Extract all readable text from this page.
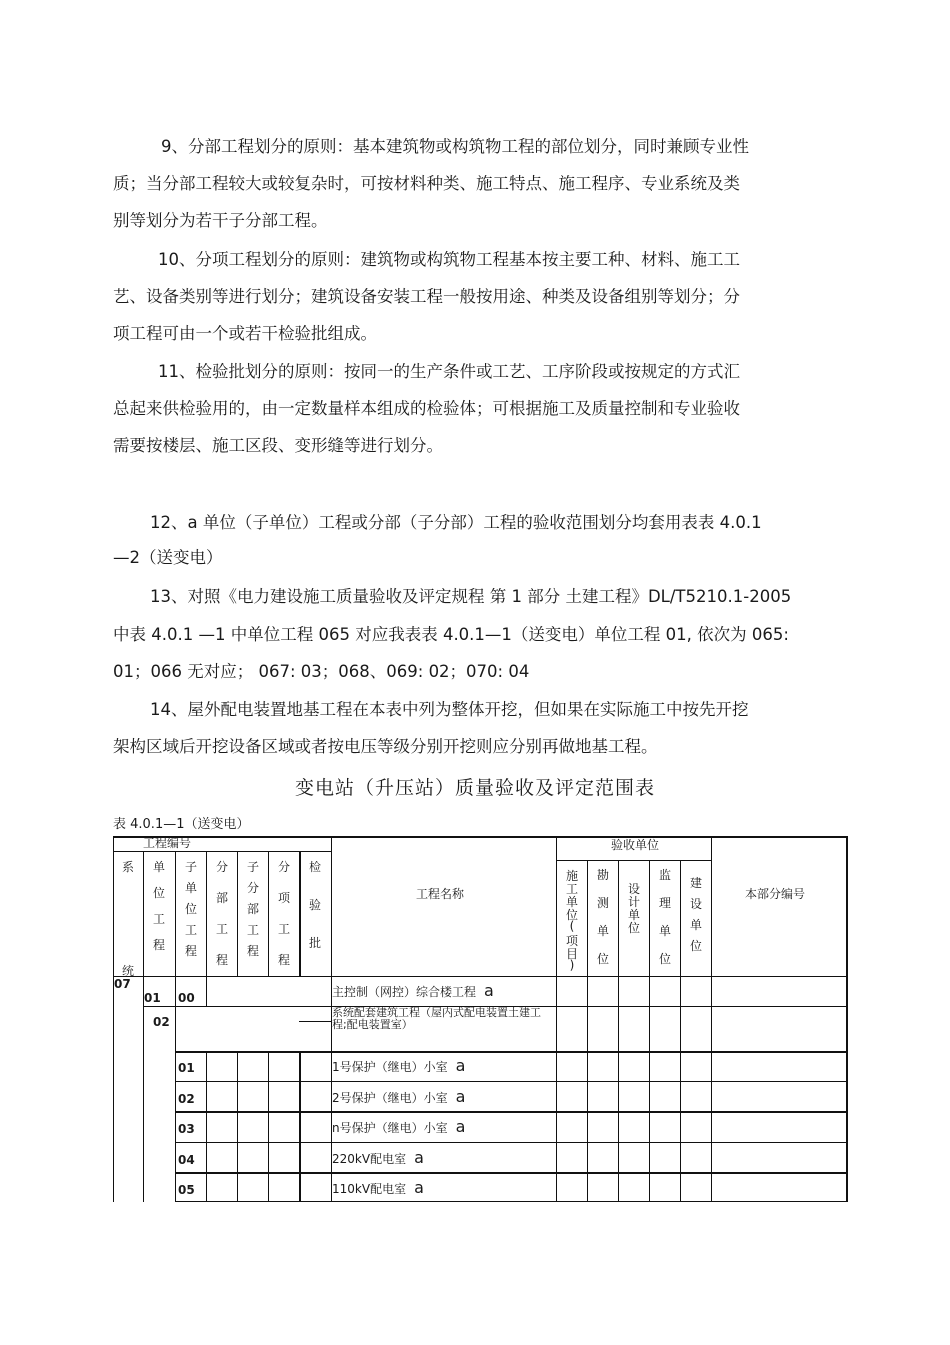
9、分部工程划分的原则：基本建筑物或构筑物工程的部位划分，同时兼顾专业性
质；当分部工程较大或较复杂时，可按材料种类、施工特点、施工程序、专业系统及类
别等划分为若干子分部工程。
10、分项工程划分的原则：建筑物或构筑物工程基本按主要工种、材料、施工工
艺、设备类别等进行划分；建筑设备安装工程一般按用途、种类及设备组别等划分；分
项工程可由一个或若干检验批组成。
11、检验批划分的原则：按同一的生产条件或工艺、工序阶段或按规定的方式汇
总起来供检验用的，由一定数量样本组成的检验体；可根据施工及质量控制和专业验收
需要按楼层、施工区段、变形缝等进行划分。
12、a 单位（子单位）工程或分部（子分部）工程的验收范围划分均套用表表 4.0.1
—2（送变电）
13、对照《电力建设施工质量验收及评定规程 第 1 部分 土建工程》DL/T5210.1-2005
中表 4.0.1 —1 中单位工程 065 对应我表表 4.0.1—1（送变电）单位工程 01, 依次为 065:
01；066 无对应； 067: 03；068、069: 02；070: 04
14、屋外配电装置地基工程在本表中列为整体开挖，但如果在实际施工中按先开挖
架构区域后开挖设备区域或者按电压等级分别开挖则应分别再做地基工程。
变电站（升压站）质量验收及评定范围表
表 4.0.1—1（送变电）
工程编号	验收单位
工程名称	本部分编号
系
统
单
位
工
程
子
单
位
工
程
分
部
工
程
子
分
部
工
程
分
项
工
程
检
验
批
施
工
单
位
(
项
目
)
勘
测
单
位
设
计
单
位
监
理
单
位
建
设
单
位
07
01 00
02
01
02
03
04
05
主控制（网控）综合楼工程 a
系统配套建筑工程（屋内式配电装置土建工程;配电装置室）
1号保护（继电）小室 a
2号保护（继电）小室 a
n号保护（继电）小室 a
220kV配电室 a
110kV配电室 a
